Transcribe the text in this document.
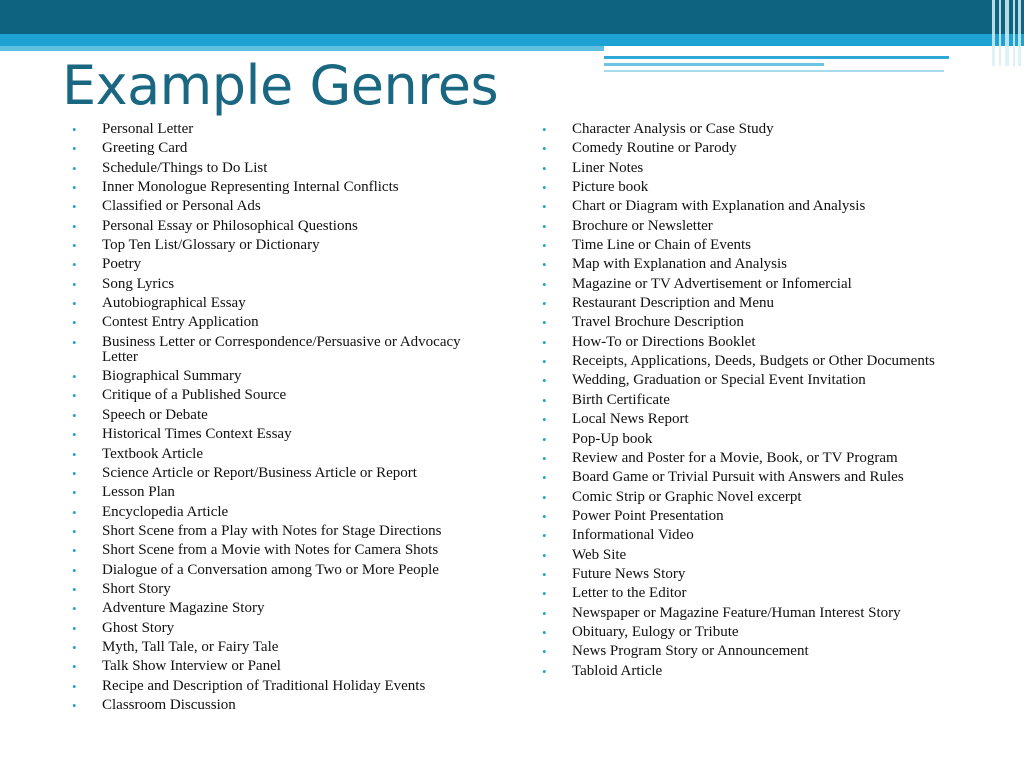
Example Genres
• Personal Letter
• Greeting Card
• Schedule/Things to Do List
• Inner Monologue Representing Internal Conflicts
• Classified or Personal Ads
• Personal Essay or Philosophical Questions
• Top Ten List/Glossary or Dictionary
• Poetry
• Song Lyrics
• Autobiographical Essay
• Contest Entry Application
• Business Letter or Correspondence/Persuasive or Advocacy Letter
• Biographical Summary
• Critique of a Published Source
• Speech or Debate
• Historical Times Context Essay
• Textbook Article
• Science Article or Report/Business Article or Report
• Lesson Plan
• Encyclopedia Article
• Short Scene from a Play with Notes for Stage Directions
• Short Scene from a Movie with Notes for Camera Shots
• Dialogue of a Conversation among Two or More People
• Short Story
• Adventure Magazine Story
• Ghost Story
• Myth, Tall Tale, or Fairy Tale
• Talk Show Interview or Panel
• Recipe and Description of Traditional Holiday Events
• Classroom Discussion
• Character Analysis or Case Study
• Comedy Routine or Parody
• Liner Notes
• Picture book
• Chart or Diagram with Explanation and Analysis
• Brochure or Newsletter
• Time Line or Chain of Events
• Map with Explanation and Analysis
• Magazine or TV Advertisement or Infomercial
• Restaurant Description and Menu
• Travel Brochure Description
• How-To or Directions Booklet
• Receipts, Applications, Deeds, Budgets or Other Documents
• Wedding, Graduation or Special Event Invitation
• Birth Certificate
• Local News Report
• Pop-Up book
• Review and Poster for a Movie, Book, or TV Program
• Board Game or Trivial Pursuit with Answers and Rules
• Comic Strip or Graphic Novel excerpt
• Power Point Presentation
• Informational Video
• Web Site
• Future News Story
• Letter to the Editor
• Newspaper or Magazine Feature/Human Interest Story
• Obituary, Eulogy or Tribute
• News Program Story or Announcement
• Tabloid Article
